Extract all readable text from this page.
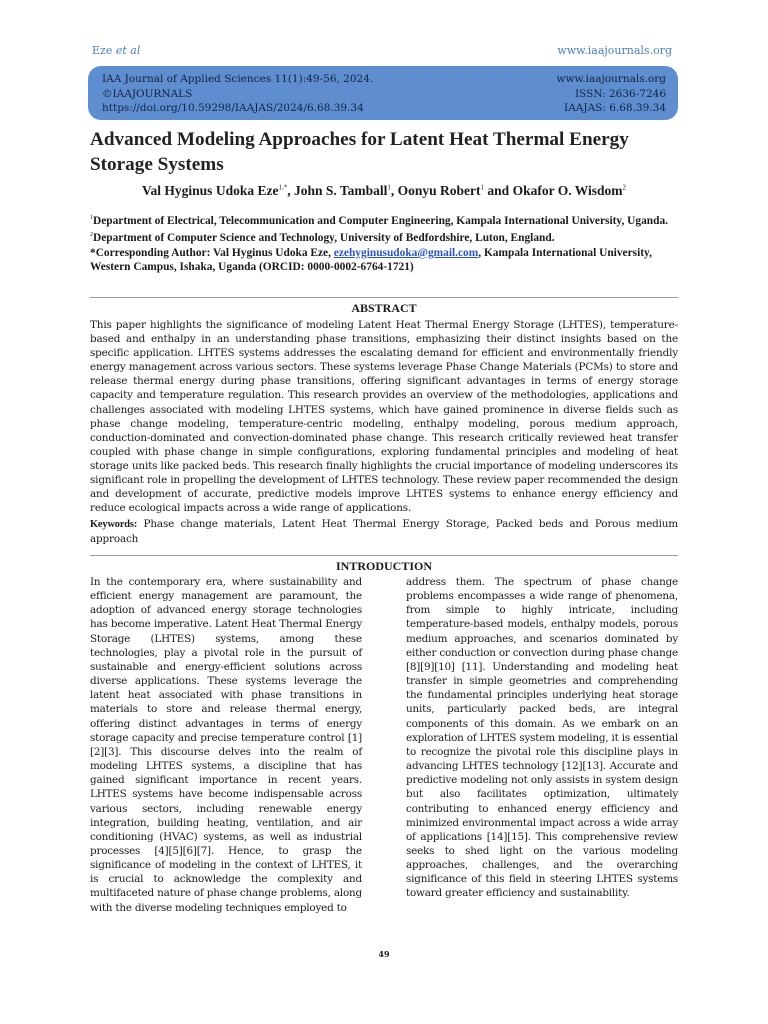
Eze et al	www.iaajournals.org
IAA Journal of Applied Sciences 11(1):49-56, 2024.	www.iaajournals.org
©IAAJOURNALS	ISSN: 2636-7246
https://doi.org/10.59298/IAAJAS/2024/6.68.39.34	IAAJAS: 6.68.39.34
Advanced Modeling Approaches for Latent Heat Thermal Energy Storage Systems
Val Hyginus Udoka Eze$^{1,*}$, John S. Tamball$^1$, Oonyu Robert$^1$ and Okafor O. Wisdom$^2$
$^1$Department of Electrical, Telecommunication and Computer Engineering, Kampala International University, Uganda.
$^2$Department of Computer Science and Technology, University of Bedfordshire, Luton, England.
*Corresponding Author: Val Hyginus Udoka Eze, ezehyginusudoka@gmail.com, Kampala International University, Western Campus, Ishaka, Uganda (ORCID: 0000-0002-6764-1721)
ABSTRACT
This paper highlights the significance of modeling Latent Heat Thermal Energy Storage (LHTES), temperature-based and enthalpy in an understanding phase transitions, emphasizing their distinct insights based on the specific application. LHTES systems addresses the escalating demand for efficient and environmentally friendly energy management across various sectors. These systems leverage Phase Change Materials (PCMs) to store and release thermal energy during phase transitions, offering significant advantages in terms of energy storage capacity and temperature regulation. This research provides an overview of the methodologies, applications and challenges associated with modeling LHTES systems, which have gained prominence in diverse fields such as phase change modeling, temperature-centric modeling, enthalpy modeling, porous medium approach, conduction-dominated and convection-dominated phase change. This research critically reviewed heat transfer coupled with phase change in simple configurations, exploring fundamental principles and modeling of heat storage units like packed beds. This research finally highlights the crucial importance of modeling underscores its significant role in propelling the development of LHTES technology. These review paper recommended the design and development of accurate, predictive models improve LHTES systems to enhance energy efficiency and reduce ecological impacts across a wide range of applications.
Keywords: Phase change materials, Latent Heat Thermal Energy Storage, Packed beds and Porous medium approach
INTRODUCTION
In the contemporary era, where sustainability and efficient energy management are paramount, the adoption of advanced energy storage technologies has become imperative. Latent Heat Thermal Energy Storage (LHTES) systems, among these technologies, play a pivotal role in the pursuit of sustainable and energy-efficient solutions across diverse applications. These systems leverage the latent heat associated with phase transitions in materials to store and release thermal energy, offering distinct advantages in terms of energy storage capacity and precise temperature control [1][2][3]. This discourse delves into the realm of modeling LHTES systems, a discipline that has gained significant importance in recent years. LHTES systems have become indispensable across various sectors, including renewable energy integration, building heating, ventilation, and air conditioning (HVAC) systems, as well as industrial processes [4][5][6][7]. Hence, to grasp the significance of modeling in the context of LHTES, it is crucial to acknowledge the complexity and multifaceted nature of phase change problems, along with the diverse modeling techniques employed to
address them. The spectrum of phase change problems encompasses a wide range of phenomena, from simple to highly intricate, including temperature-based models, enthalpy models, porous medium approaches, and scenarios dominated by either conduction or convection during phase change [8][9][10] [11]. Understanding and modeling heat transfer in simple geometries and comprehending the fundamental principles underlying heat storage units, particularly packed beds, are integral components of this domain. As we embark on an exploration of LHTES system modeling, it is essential to recognize the pivotal role this discipline plays in advancing LHTES technology [12][13]. Accurate and predictive modeling not only assists in system design but also facilitates optimization, ultimately contributing to enhanced energy efficiency and minimized environmental impact across a wide array of applications [14][15]. This comprehensive review seeks to shed light on the various modeling approaches, challenges, and the overarching significance of this field in steering LHTES systems toward greater efficiency and sustainability.
49
